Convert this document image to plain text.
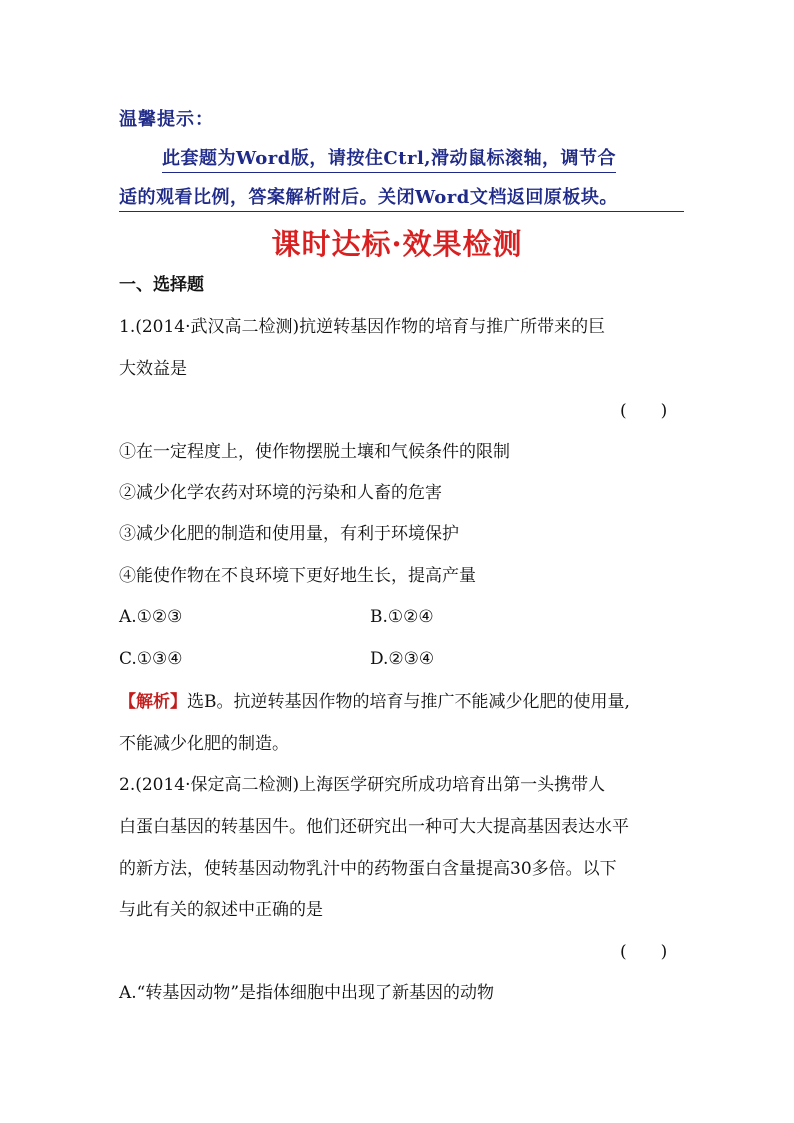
温馨提示：
此套题为Word版，请按住Ctrl,滑动鼠标滚轴，调节合
适的观看比例，答案解析附后。关闭Word文档返回原板块。
课时达标·效果检测
一、选择题
1.(2014·武汉高二检测)抗逆转基因作物的培育与推广所带来的巨
大效益是
(　　)
①在一定程度上，使作物摆脱土壤和气候条件的限制
②减少化学农药对环境的污染和人畜的危害
③减少化肥的制造和使用量，有利于环境保护
④能使作物在不良环境下更好地生长，提高产量
A.①②③	B.①②④
C.①③④	D.②③④
【解析】选B。抗逆转基因作物的培育与推广不能减少化肥的使用量,
不能减少化肥的制造。
2.(2014·保定高二检测)上海医学研究所成功培育出第一头携带人
白蛋白基因的转基因牛。他们还研究出一种可大大提高基因表达水平
的新方法，使转基因动物乳汁中的药物蛋白含量提高30多倍。以下
与此有关的叙述中正确的是
(　　)
A.“转基因动物”是指体细胞中出现了新基因的动物
